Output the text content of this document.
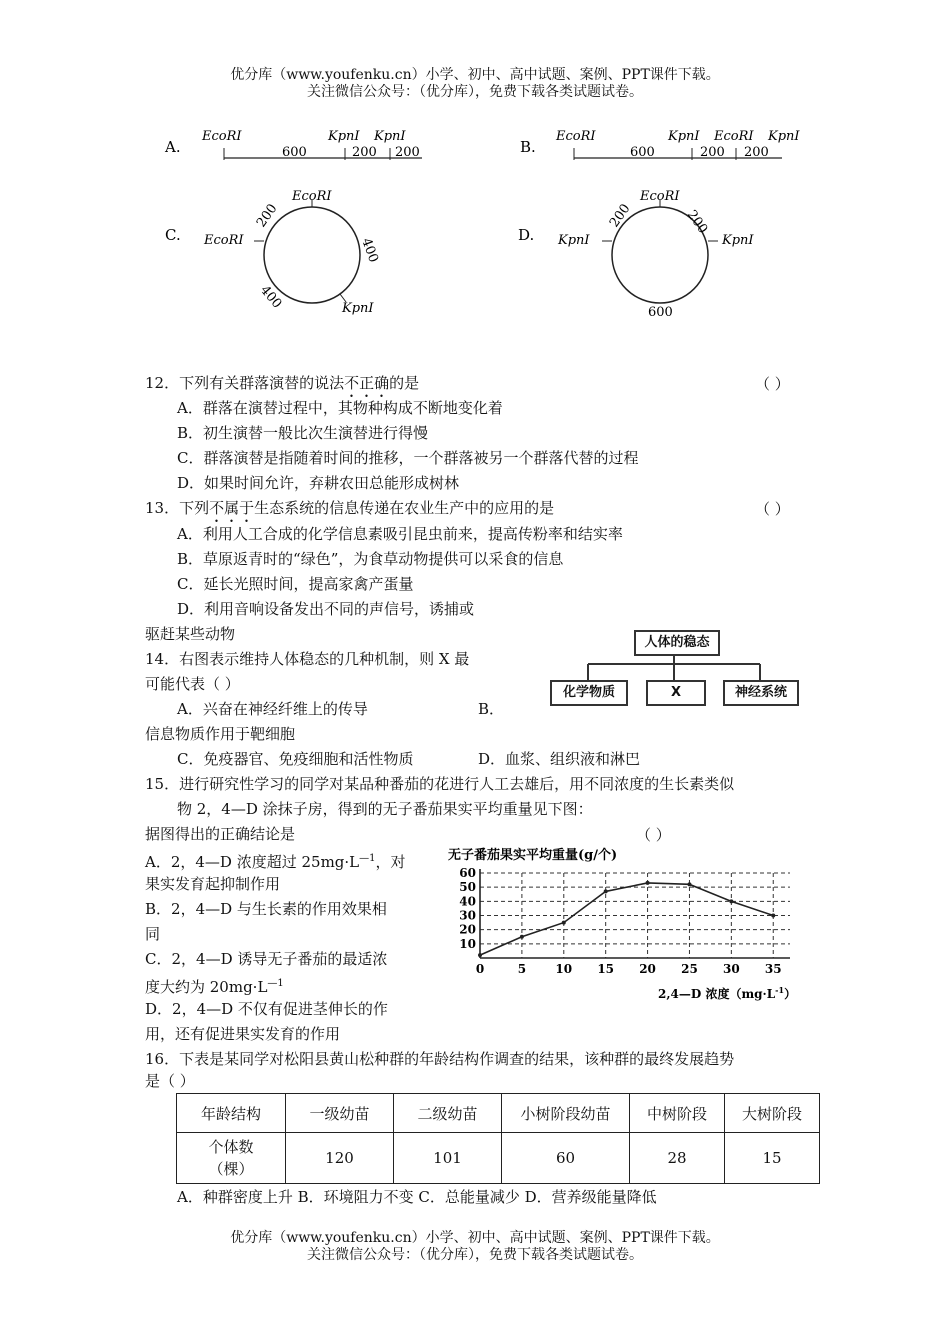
优分库（www.youfenku.cn）小学、初中、高中试题、案例、PPT课件下载。
关注微信公众号：（优分库），免费下载各类试题试卷。
A.
EcoRI	KpnI KpnI
600	200 200	B.
EcoRI	KpnI EcoRI KpnI
600	200 200
C.
EcoRI
EcoRI
KpnI
200
400
400
D.
EcoRI
KpnI	KpnI
200	200
600
12．下列有关群落演替的说法不正确的是	（ ）
A．群落在演替过程中，其物种构成不断地变化着
B．初生演替一般比次生演替进行得慢
C．群落演替是指随着时间的推移，一个群落被另一个群落代替的过程
D．如果时间允许，弃耕农田总能形成树林
13．下列不属于生态系统的信息传递在农业生产中的应用的是	（ ）
A．利用人工合成的化学信息素吸引昆虫前来，提高传粉率和结实率
B．草原返青时的“绿色”，为食草动物提供可以采食的信息
C．延长光照时间，提高家禽产蛋量
D．利用音响设备发出不同的声信号，诱捕或
驱赶某些动物
14．右图表示维持人体稳态的几种机制，则 X 最
可能代表（ ）
A．兴奋在神经纤维上的传导	B．
信息物质作用于靶细胞
C．免疫器官、免疫细胞和活性物质	D．血浆、组织液和淋巴
人体的稳态
化学物质	X	神经系统
15．进行研究性学习的同学对某品种番茄的花进行人工去雄后，用不同浓度的生长素类似
物 2，4—D 涂抹子房，得到的无子番茄果实平均重量见下图：
据图得出的正确结论是	（ ）
A．2，4—D 浓度超过 $25mg\cdot L^{—1}$，对
果实发育起抑制作用
B．2，4—D 与生长素的作用效果相
同
C．2，4—D 诱导无子番茄的最适浓
度大约为 $20mg\cdot L^{—1}$
D．2，4—D 不仅有促进茎伸长的作
用，还有促进果实发育的作用
无子番茄果实平均重量(g/个)
2,4—D 浓度$(mg\cdot L^{-1})$
10
20
30
40
50
60
0	5 10 15 20 25 30 35
16．下表是某同学对松阳县黄山松种群的年龄结构作调查的结果，该种群的最终发展趋势
是（ ）
年龄结构	一级幼苗	二级幼苗	小树阶段幼苗	中树阶段	大树阶段
个体数
（棵）	120	101	60	28	15
A．种群密度上升 B．环境阻力不变 C．总能量减少 D．营养级能量降低
优分库（www.youfenku.cn）小学、初中、高中试题、案例、PPT课件下载。
关注微信公众号：（优分库），免费下载各类试题试卷。
